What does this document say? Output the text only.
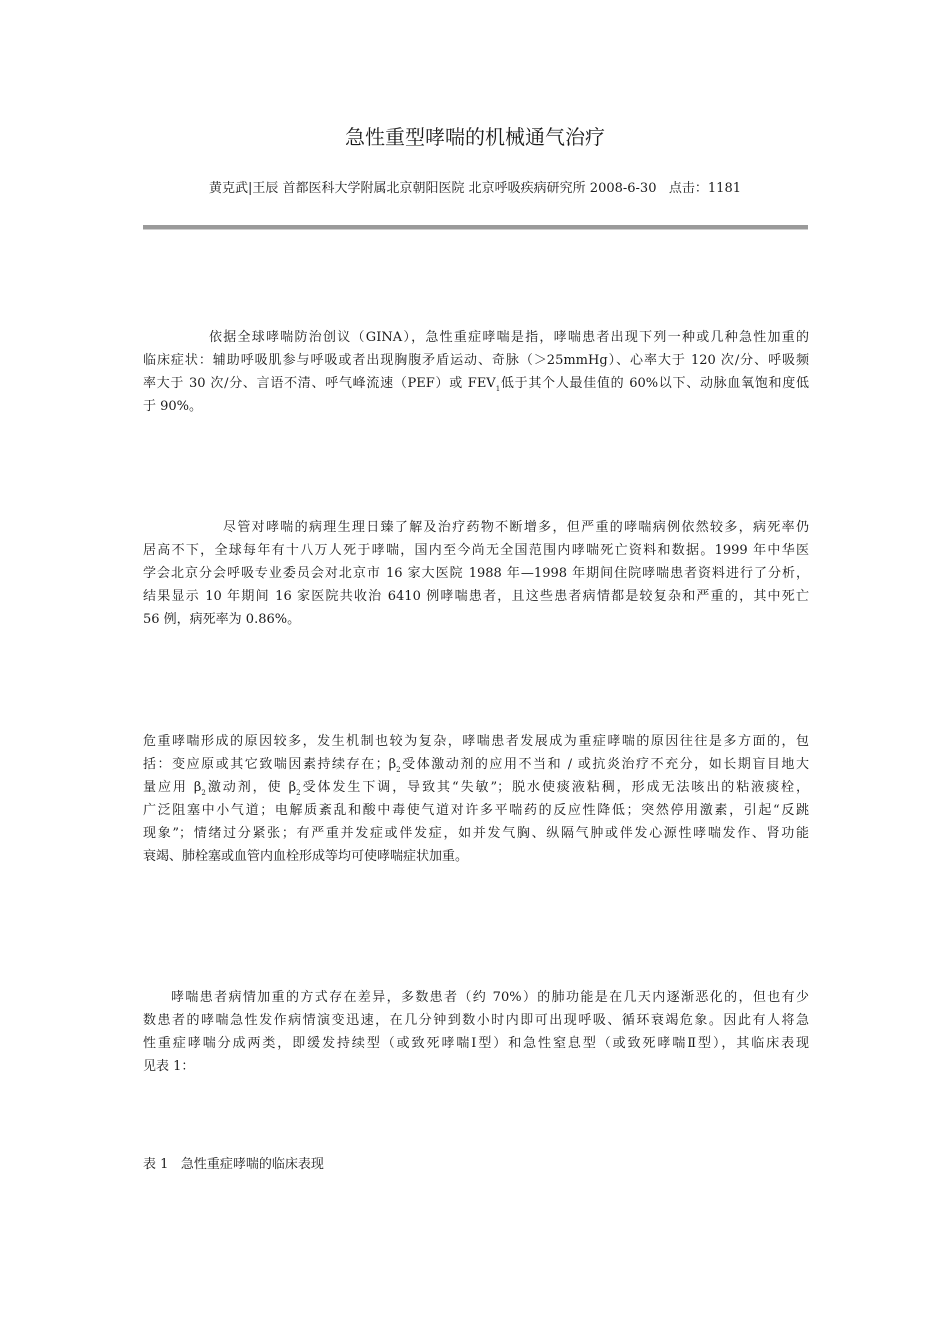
急性重型哮喘的机械通气治疗
黄克武|王辰 首都医科大学附属北京朝阳医院 北京呼吸疾病研究所 2008-6-30 点击：1181
依据全球哮喘防治创议（GINA），急性重症哮喘是指，哮喘患者出现下列一种或几种急性加重的
临床症状：辅助呼吸肌参与呼吸或者出现胸腹矛盾运动、奇脉（＞25mmHg）、心率大于 120 次/分、呼吸频
率大于 30 次/分、言语不清、呼气峰流速（PEF）或 $FEV_1$低于其个人最佳值的 60%以下、动脉血氧饱和度低
于 90%。
尽管对哮喘的病理生理日臻了解及治疗药物不断增多，但严重的哮喘病例依然较多，病死率仍
居高不下，全球每年有十八万人死于哮喘，国内至今尚无全国范围内哮喘死亡资料和数据。1999 年中华医
学会北京分会呼吸专业委员会对北京市 16 家大医院 1988 年—1998 年期间住院哮喘患者资料进行了分析，
结果显示 10 年期间 16 家医院共收治 6410 例哮喘患者，且这些患者病情都是较复杂和严重的，其中死亡
56 例，病死率为 0.86%。
危重哮喘形成的原因较多，发生机制也较为复杂，哮喘患者发展成为重症哮喘的原因往往是多方面的，包
括：变应原或其它致喘因素持续存在；$\beta_2$受体激动剂的应用不当和 / 或抗炎治疗不充分，如长期盲目地大
量应用 $\beta_2$激动剂，使 $\beta_2$受体发生下调，导致其“失敏”；脱水使痰液粘稠，形成无法咳出的粘液痰栓，
广泛阻塞中小气道；电解质紊乱和酸中毒使气道对许多平喘药的反应性降低；突然停用激素，引起“反跳
现象”；情绪过分紧张；有严重并发症或伴发症，如并发气胸、纵隔气肿或伴发心源性哮喘发作、肾功能
衰竭、肺栓塞或血管内血栓形成等均可使哮喘症状加重。
哮喘患者病情加重的方式存在差异，多数患者（约 70%）的肺功能是在几天内逐渐恶化的，但也有少
数患者的哮喘急性发作病情演变迅速，在几分钟到数小时内即可出现呼吸、循环衰竭危象。因此有人将急
性重症哮喘分成两类，即缓发持续型（或致死哮喘Ⅰ型）和急性窒息型（或致死哮喘Ⅱ型），其临床表现
见表 1：
表 1 急性重症哮喘的临床表现
